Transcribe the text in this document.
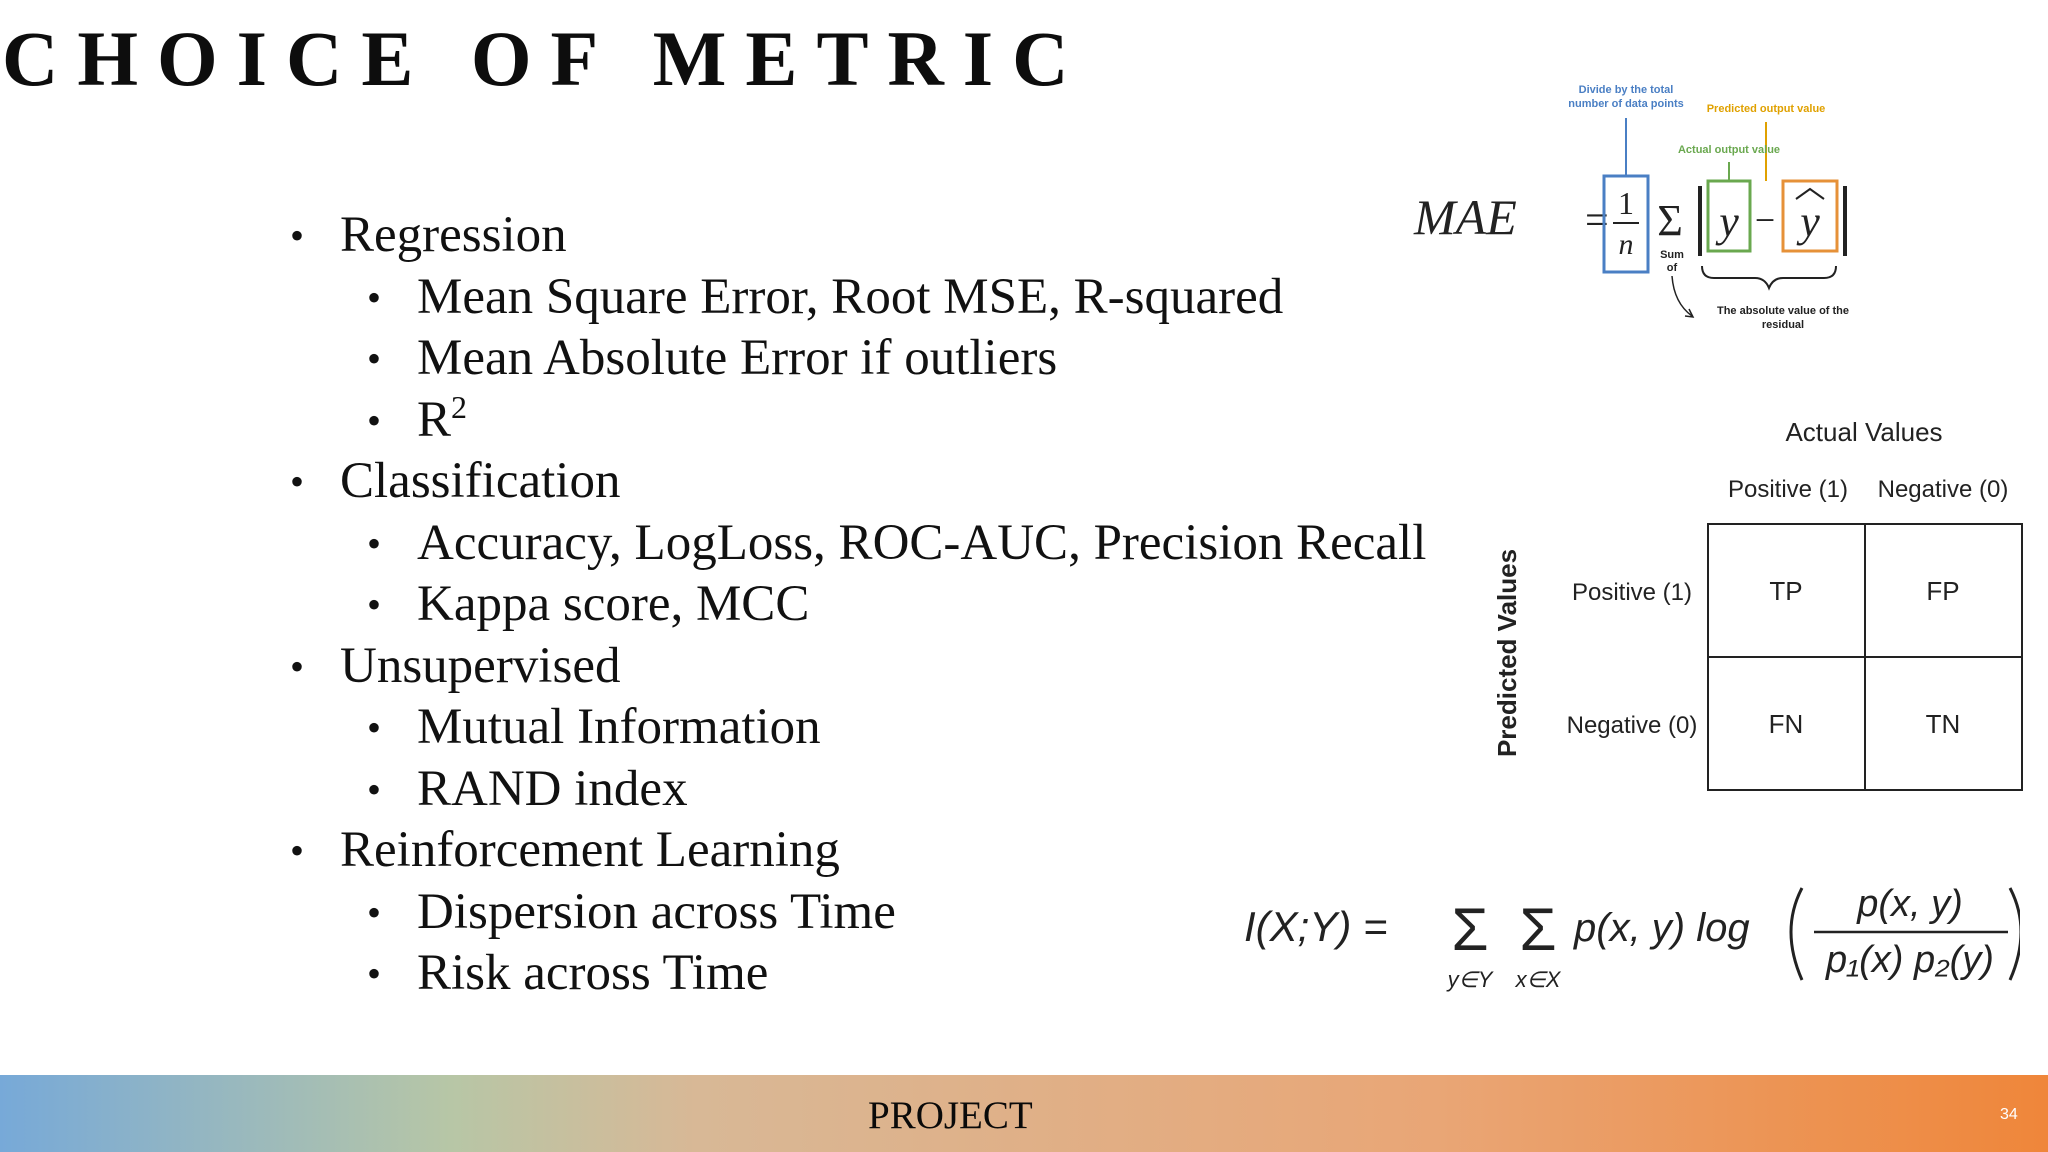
CHOICE OF METRIC
• Regression
• Mean Square Error, Root MSE, R-squared
• Mean Absolute Error if outliers
• $R^2$
• Classification
• Accuracy, LogLoss, ROC-AUC, Precision Recall
• Kappa score, MCC
• Unsupervised
• Mutual Information
• RAND index
• Reinforcement Learning
• Dispersion across Time
• Risk across Time
Divide by the total
number of data points Predicted output value
Actual output value
MAE = 1
n Σ
Sum
of
y − y
The absolute value of the
residual
Actual Values
Positive (1) Negative (0)
Predicted Values Positive (1)
Negative (0)
TP	FP
FN	TN
I(X;Y) = Σ
y∈Y
Σ
x∈X
p(x, y) log
p(x, y)
p₁(x) p₂(y)
PROJECT	34
